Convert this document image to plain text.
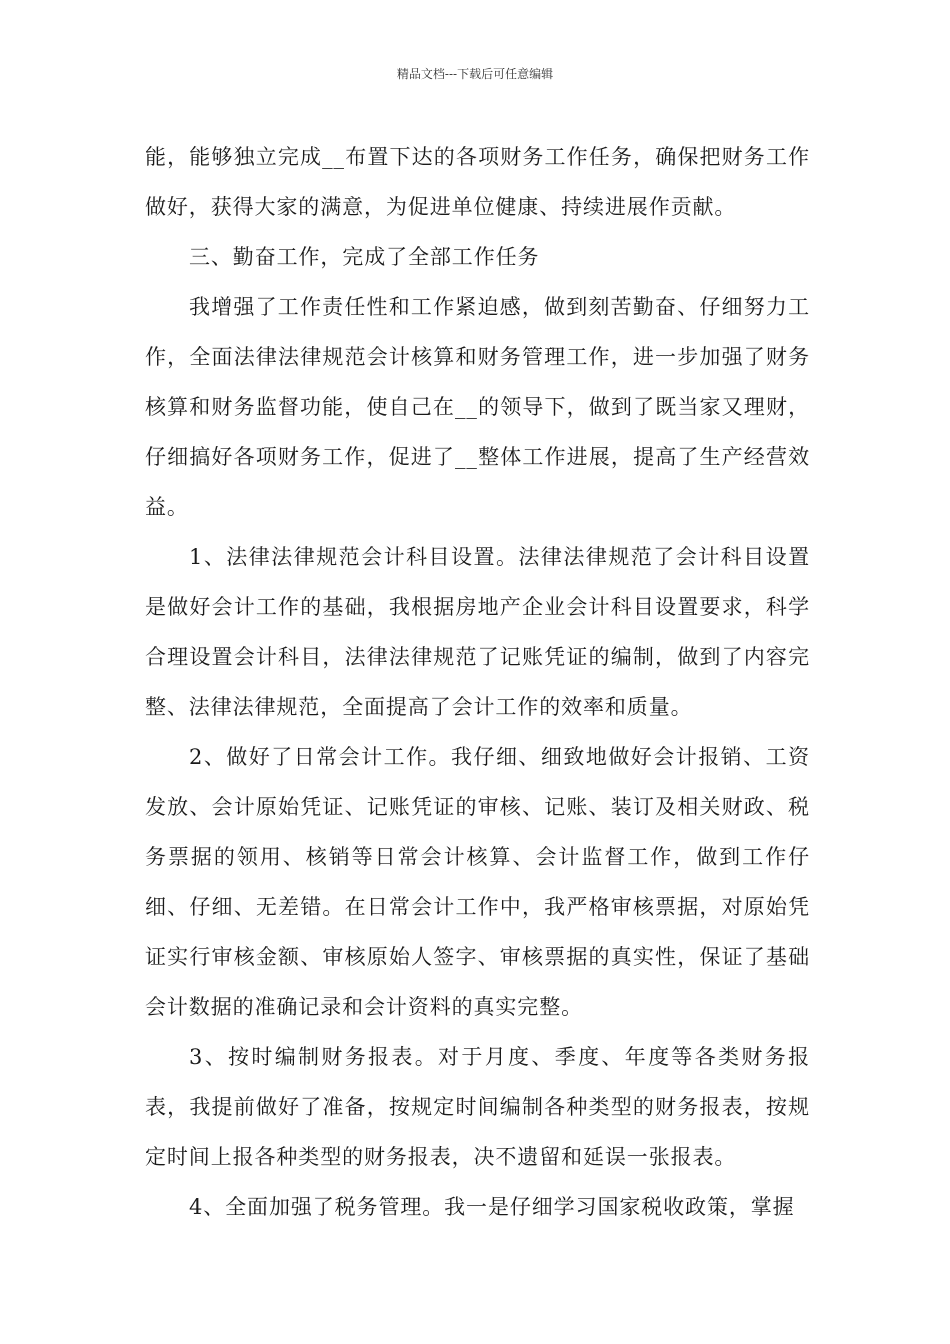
精品文档---下载后可任意编辑

能，能够独立完成__布置下达的各项财务工作任务，确保把财务工作做好，获得大家的满意，为促进单位健康、持续进展作贡献。

三、勤奋工作，完成了全部工作任务

我增强了工作责任性和工作紧迫感，做到刻苦勤奋、仔细努力工作，全面法律法律规范会计核算和财务管理工作，进一步加强了财务核算和财务监督功能，使自己在__的领导下，做到了既当家又理财，仔细搞好各项财务工作，促进了__整体工作进展，提高了生产经营效益。

1、法律法律规范会计科目设置。法律法律规范了会计科目设置是做好会计工作的基础，我根据房地产企业会计科目设置要求，科学合理设置会计科目，法律法律规范了记账凭证的编制，做到了内容完整、法律法律规范，全面提高了会计工作的效率和质量。

2、做好了日常会计工作。我仔细、细致地做好会计报销、工资发放、会计原始凭证、记账凭证的审核、记账、装订及相关财政、税务票据的领用、核销等日常会计核算、会计监督工作，做到工作仔细、仔细、无差错。在日常会计工作中，我严格审核票据，对原始凭证实行审核金额、审核原始人签字、审核票据的真实性，保证了基础会计数据的准确记录和会计资料的真实完整。

3、按时编制财务报表。对于月度、季度、年度等各类财务报表，我提前做好了准备，按规定时间编制各种类型的财务报表，按规定时间上报各种类型的财务报表，决不遗留和延误一张报表。

4、全面加强了税务管理。我一是仔细学习国家税收政策，掌握
